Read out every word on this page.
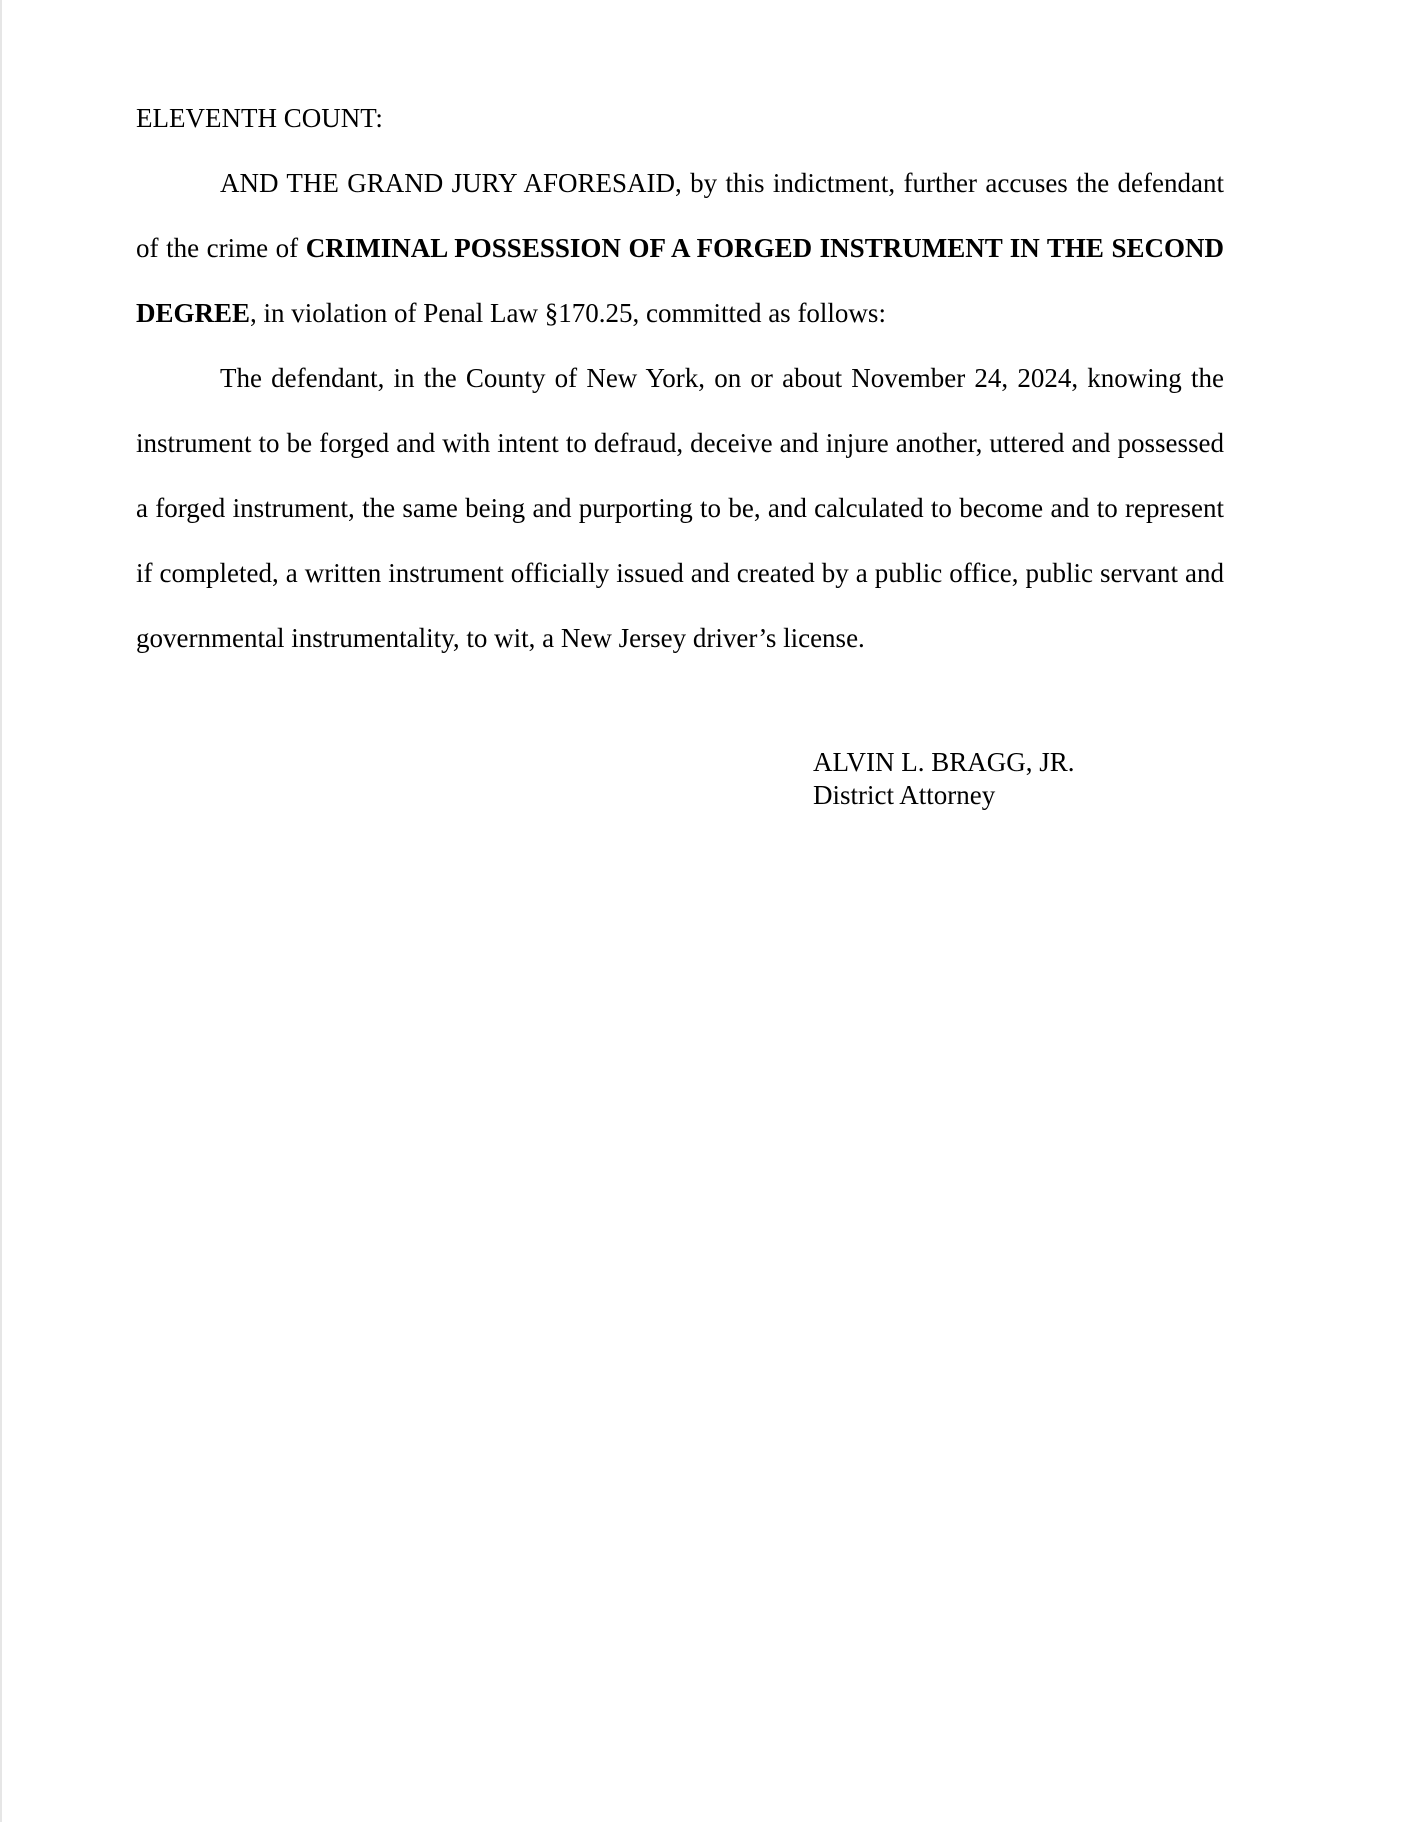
ELEVENTH COUNT:

AND THE GRAND JURY AFORESAID, by this indictment, further accuses the defendant of the crime of CRIMINAL POSSESSION OF A FORGED INSTRUMENT IN THE SECOND DEGREE, in violation of Penal Law §170.25, committed as follows:

The defendant, in the County of New York, on or about November 24, 2024, knowing the instrument to be forged and with intent to defraud, deceive and injure another, uttered and possessed a forged instrument, the same being and purporting to be, and calculated to become and to represent if completed, a written instrument officially issued and created by a public office, public servant and governmental instrumentality, to wit, a New Jersey driver’s license.

ALVIN L. BRAGG, JR.
District Attorney
